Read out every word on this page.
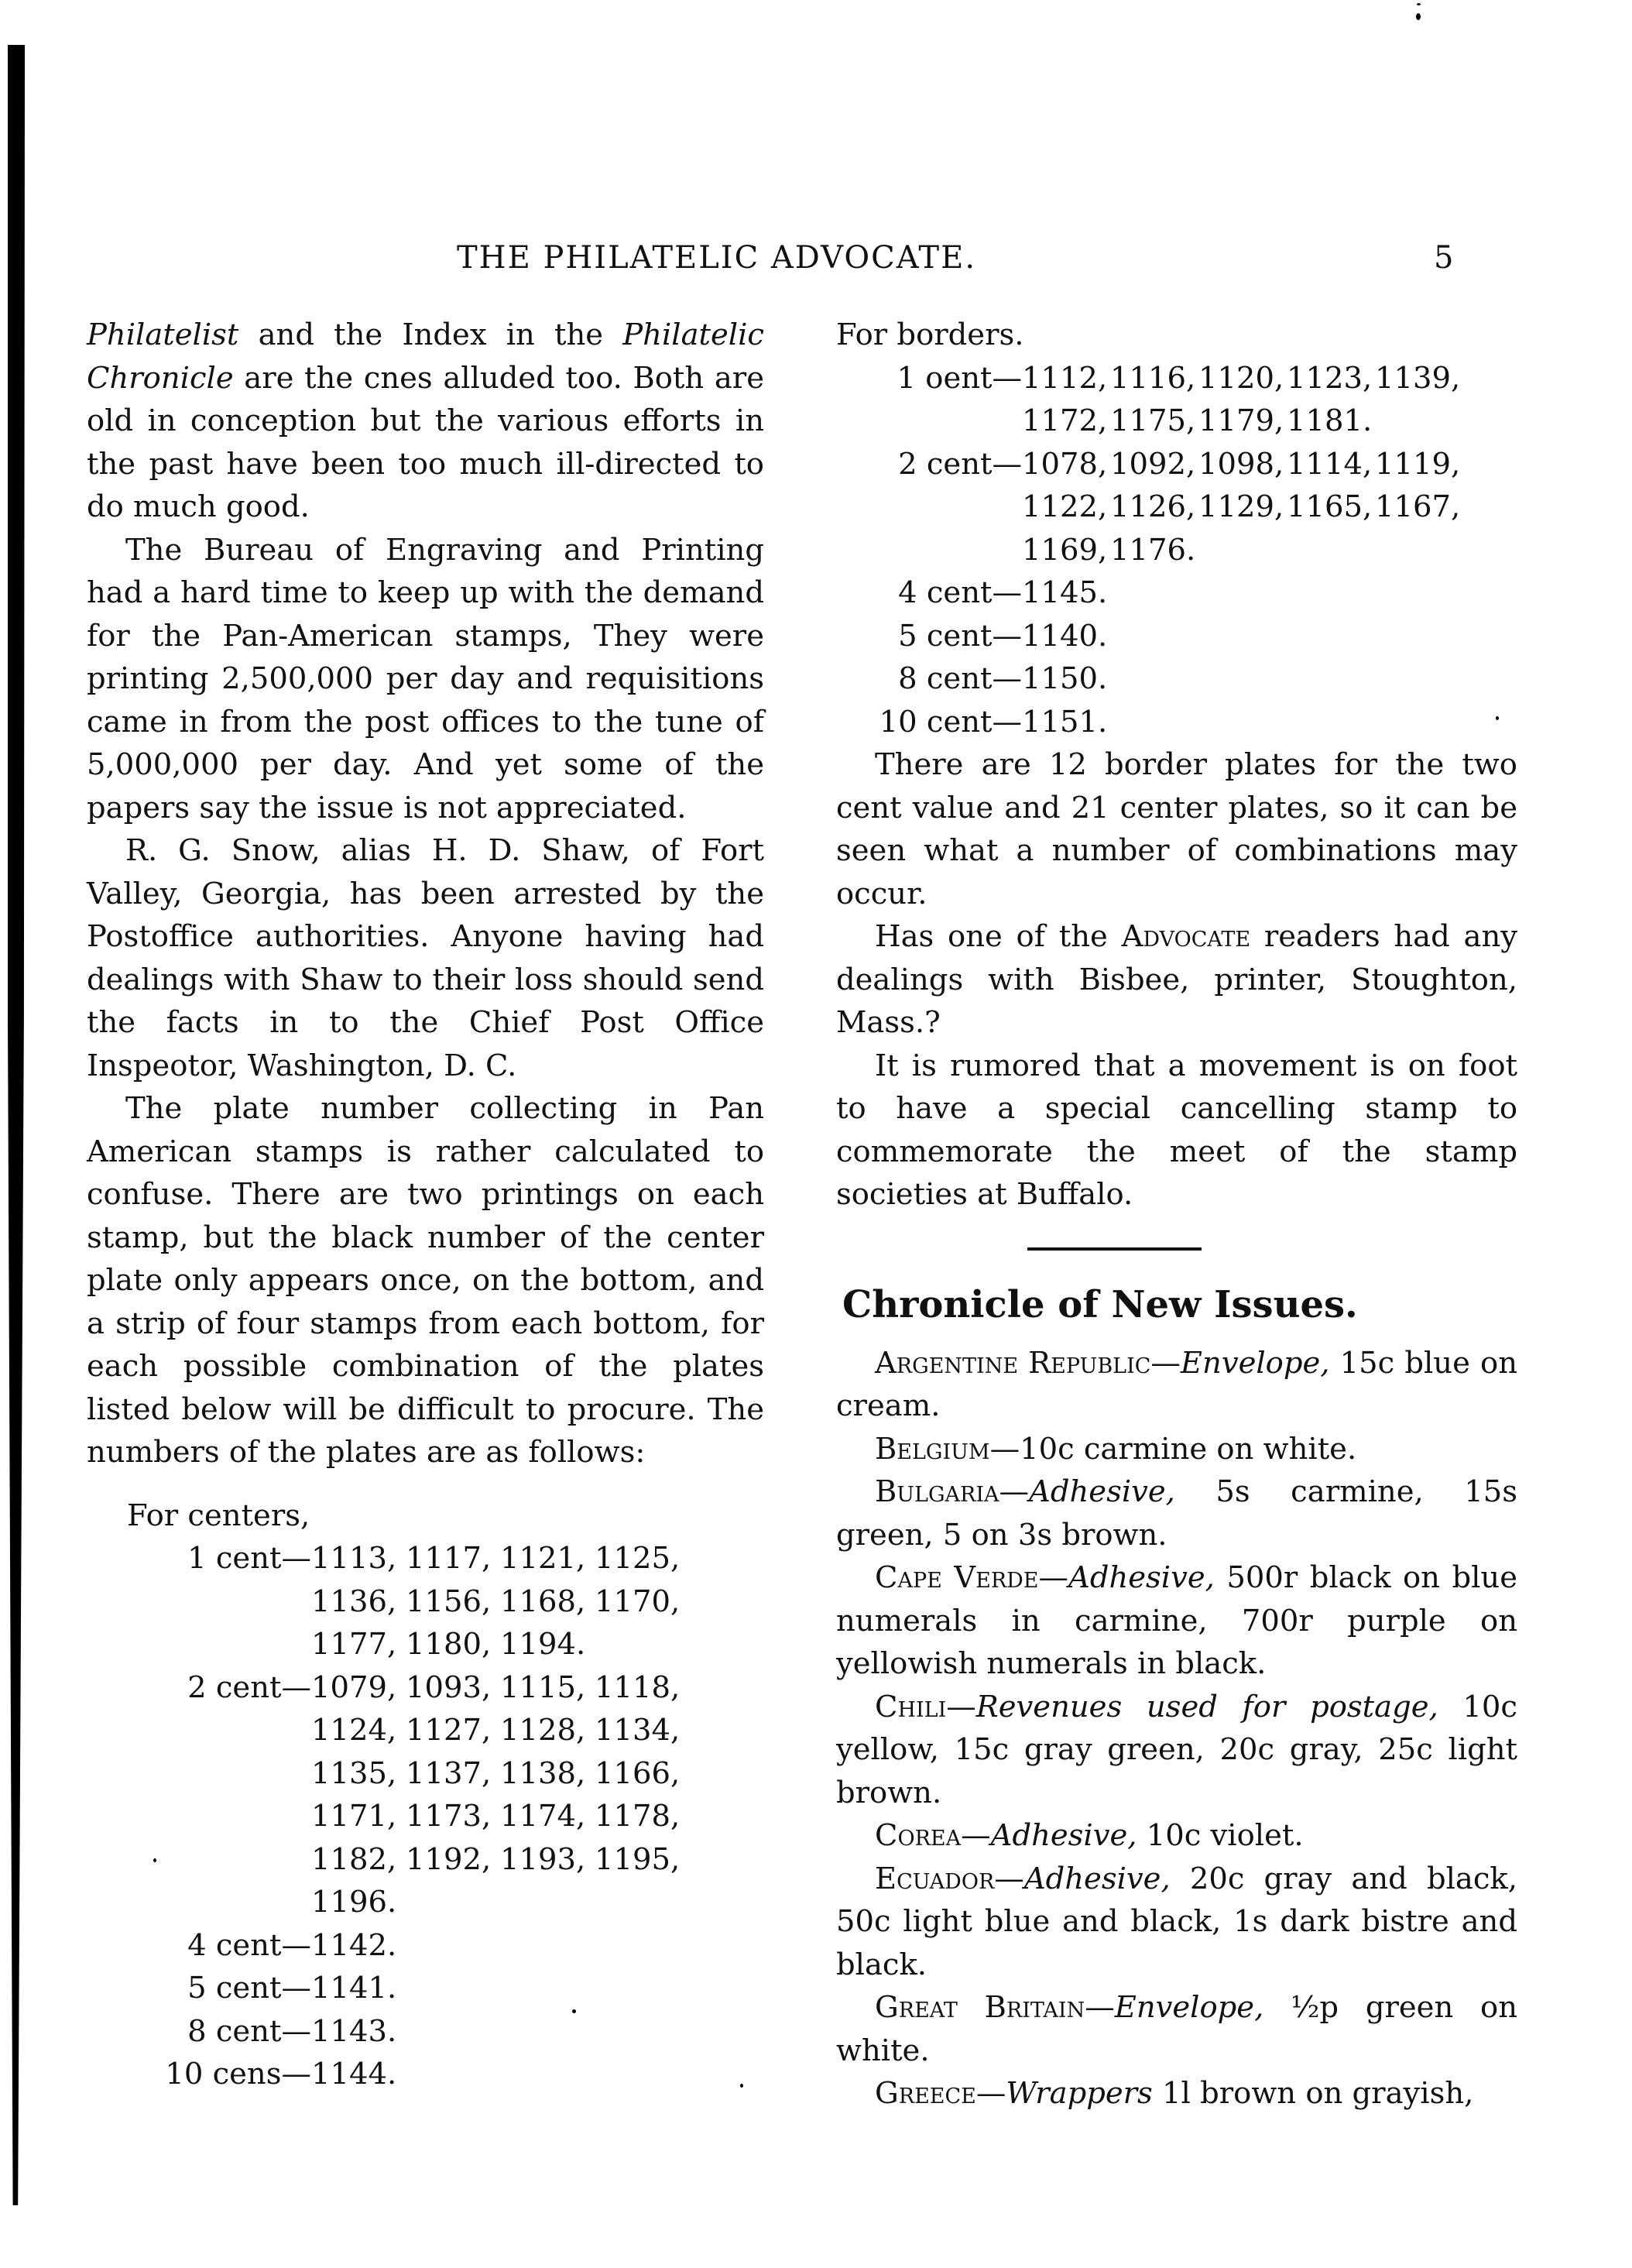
THE PHILATELIC ADVOCATE.	5

Philatelist and the Index in the Philatelic Chronicle are the cnes alluded too. Both are old in conception but the various efforts in the past have been too much ill-directed to do much good.

The Bureau of Engraving and Printing had a hard time to keep up with the demand for the Pan-American stamps, They were printing 2,500,000 per day and requisitions came in from the post offices to the tune of 5,000,000 per day. And yet some of the papers say the issue is not appreciated.

R. G. Snow, alias H. D. Shaw, of Fort Valley, Georgia, has been arrested by the Postoffice authorities. Anyone having had dealings with Shaw to their loss should send the facts in to the Chief Post Office Inspeotor, Washington, D. C.

The plate number collecting in Pan American stamps is rather calculated to confuse. There are two printings on each stamp, but the black number of the center plate only appears once, on the bottom, and a strip of four stamps from each bottom, for each possible combination of the plates listed below will be difficult to procure. The numbers of the plates are as follows:

For centers,

1 cent— 1113, 1117, 1121, 1125,1136, 1156, 1168, 1170,1177, 1180, 1194.
2 cent— 1079, 1093, 1115, 1118,1124, 1127, 1128, 1134,1135, 1137, 1138, 1166,1171, 1173, 1174, 1178,1182, 1192, 1193, 1195,1196.
4 cent— 1142.
5 cent— 1141.
8 cent— 1143.
10 cens— 1144.

For borders.

1 oent— 1112,1116,1120,1123,1139,1172,1175,1179,1181.
2 cent— 1078,1092,1098,1114,1119,1122,1126,1129,1165,1167,1169,1176.
4 cent— 1145.
5 cent— 1140.
8 cent— 1150.
10 cent— 1151.

There are 12 border plates for the two cent value and 21 center plates, so it can be seen what a number of combinations may occur.

Has one of the Advocate readers had any dealings with Bisbee, printer, Stoughton, Mass.?

It is rumored that a movement is on foot to have a special cancelling stamp to commemorate the meet of the stamp societies at Buffalo.

Chronicle of New Issues.

Argentine Republic—Envelope, 15c blue on cream.

Belgium—10c carmine on white.

Bulgaria—Adhesive, 5s carmine, 15s green, 5 on 3s brown.

Cape Verde—Adhesive, 500r black on blue numerals in carmine, 700r purple on yellowish numerals in black.

Chili—Revenues used for postage, 10c yellow, 15c gray green, 20c gray, 25c light brown.

Corea—Adhesive, 10c violet.

Ecuador—Adhesive, 20c gray and black, 50c light blue and black, 1s dark bistre and black.

Great Britain—Envelope, ½p green on white.

Greece—Wrappers 1l brown on grayish,
